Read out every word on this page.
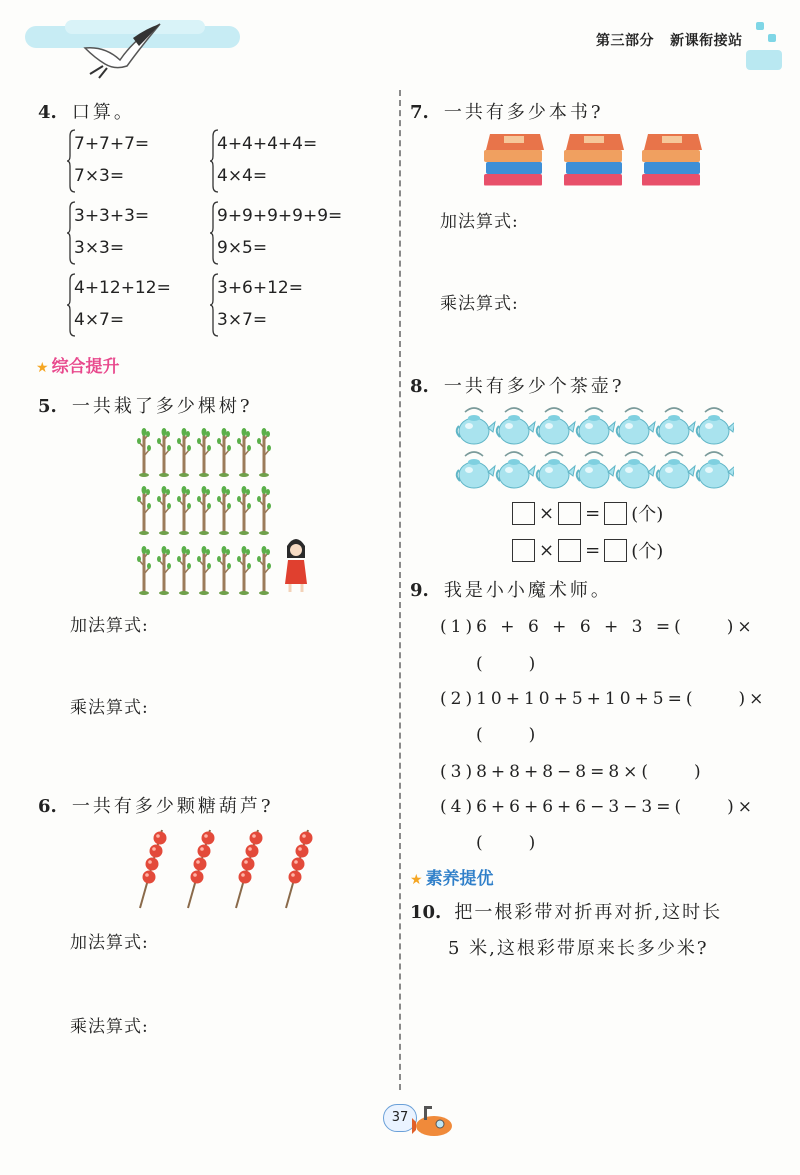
第三部分 新课衔接站
4. 口算。
7+7+7=
7×3=
4+4+4+4=
4×4=
3+3+3=
3×3=
9+9+9+9+9=
9×5=
4+12+12=
4×7=
3+6+12=
3×7=
★ 综合提升
5. 一共栽了多少棵树?
加法算式:
乘法算式:
6. 一共有多少颗糖葫芦?
加法算式:
乘法算式:
7. 一共有多少本书?
加法算式:
乘法算式:
8. 一共有多少个茶壶?
× = (个)
× = (个)
9. 我是小小魔术师。
(1)6 + 6 + 6 + 3 =(　　)×
(　　)
(2)10+10+5+10+5=(　　)×
(　　)
(3)8+8+8−8=8×(　　)
(4)6+6+6+6−3−3=(　　)×
(　　)
★ 素养提优
10. 把一根彩带对折再对折,这时长
5 米,这根彩带原来长多少米?
37
